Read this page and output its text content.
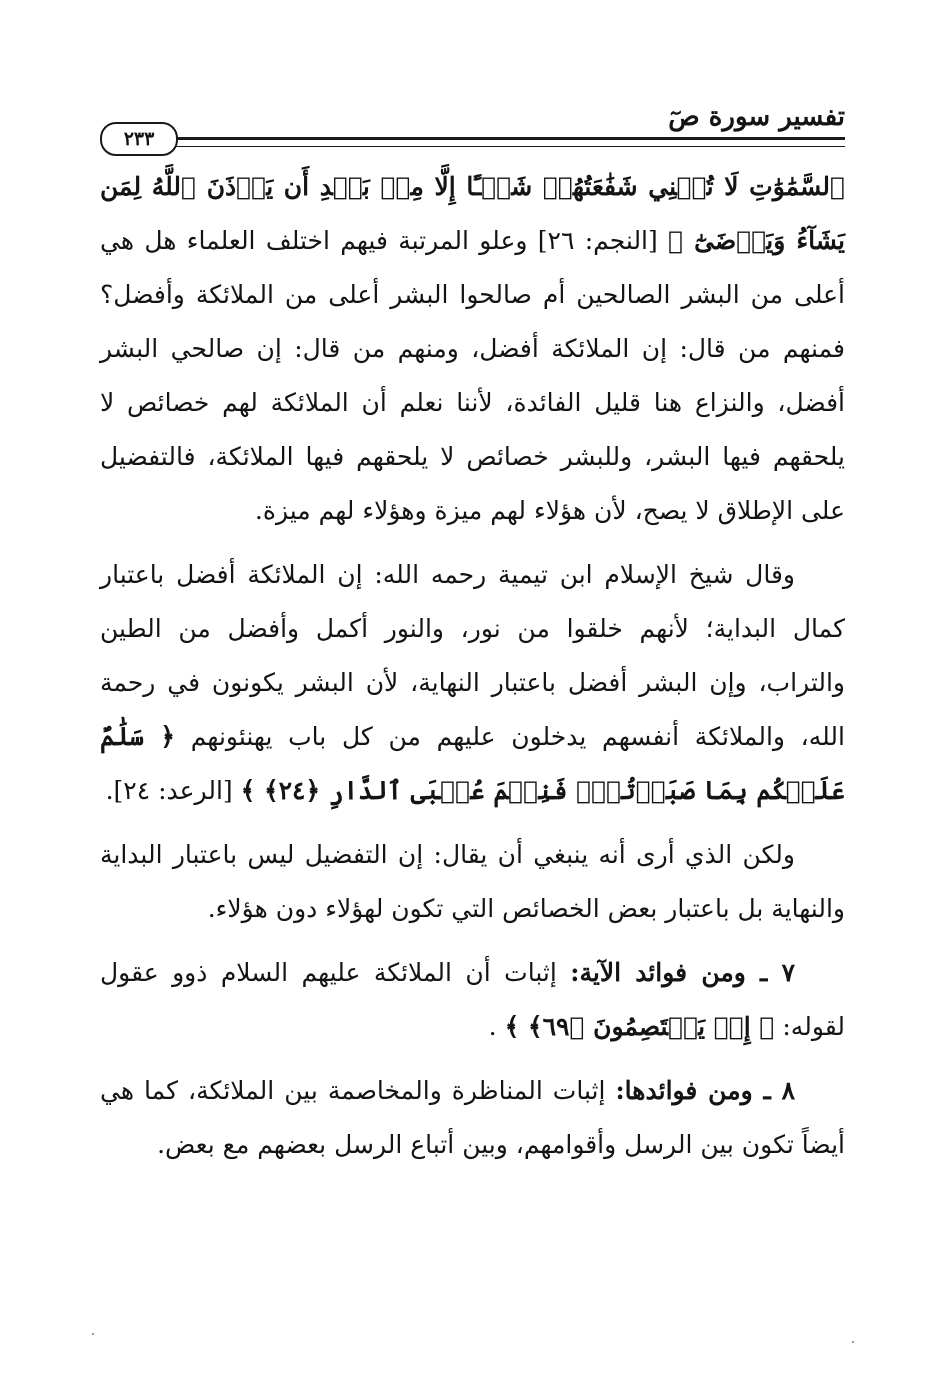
تفسير سورة صٓ
٢٣٣

ٱلسَّمَٰوَٰتِ لَا تُغۡنِي شَفَٰعَتُهُمۡ شَيۡـًٔا إِلَّا مِنۢ بَعۡدِ أَن يَأۡذَنَ ٱللَّهُ لِمَن يَشَآءُ وَيَرۡضَىٰٓ ﴾ [النجم: ٢٦] وعلو المرتبة فيهم اختلف العلماء هل هي أعلى من البشر الصالحين أم صالحوا البشر أعلى من الملائكة وأفضل؟ فمنهم من قال: إن الملائكة أفضل، ومنهم من قال: إن صالحي البشر أفضل، والنزاع هنا قليل الفائدة، لأننا نعلم أن الملائكة لهم خصائص لا يلحقهم فيها البشر، وللبشر خصائص لا يلحقهم فيها الملائكة، فالتفضيل على الإطلاق لا يصح، لأن هؤلاء لهم ميزة وهؤلاء لهم ميزة.

وقال شيخ الإسلام ابن تيمية رحمه الله: إن الملائكة أفضل باعتبار كمال البداية؛ لأنهم خلقوا من نور، والنور أكمل وأفضل من الطين والتراب، وإن البشر أفضل باعتبار النهاية، لأن البشر يكونون في رحمة الله، والملائكة أنفسهم يدخلون عليهم من كل باب يهنئونهم ﴿ سَلَٰمٌ عَلَيۡكُم بِمَا صَبَرۡتُمۡۚ فَنِعۡمَ عُقۡبَى ٱلدَّارِ ﴿٢٤﴾ ﴾ [الرعد: ٢٤].

ولكن الذي أرى أنه ينبغي أن يقال: إن التفضيل ليس باعتبار البداية والنهاية بل باعتبار بعض الخصائص التي تكون لهؤلاء دون هؤلاء.

٧ ـ ومن فوائد الآية: إثبات أن الملائكة عليهم السلام ذوو عقول لقوله: ﴿ إِذۡ يَخۡتَصِمُونَ ﴿٦٩﴾ ﴾ .

٨ ـ ومن فوائدها: إثبات المناظرة والمخاصمة بين الملائكة، كما هي أيضاً تكون بين الرسل وأقوامهم، وبين أتباع الرسل بعضهم مع بعض.
